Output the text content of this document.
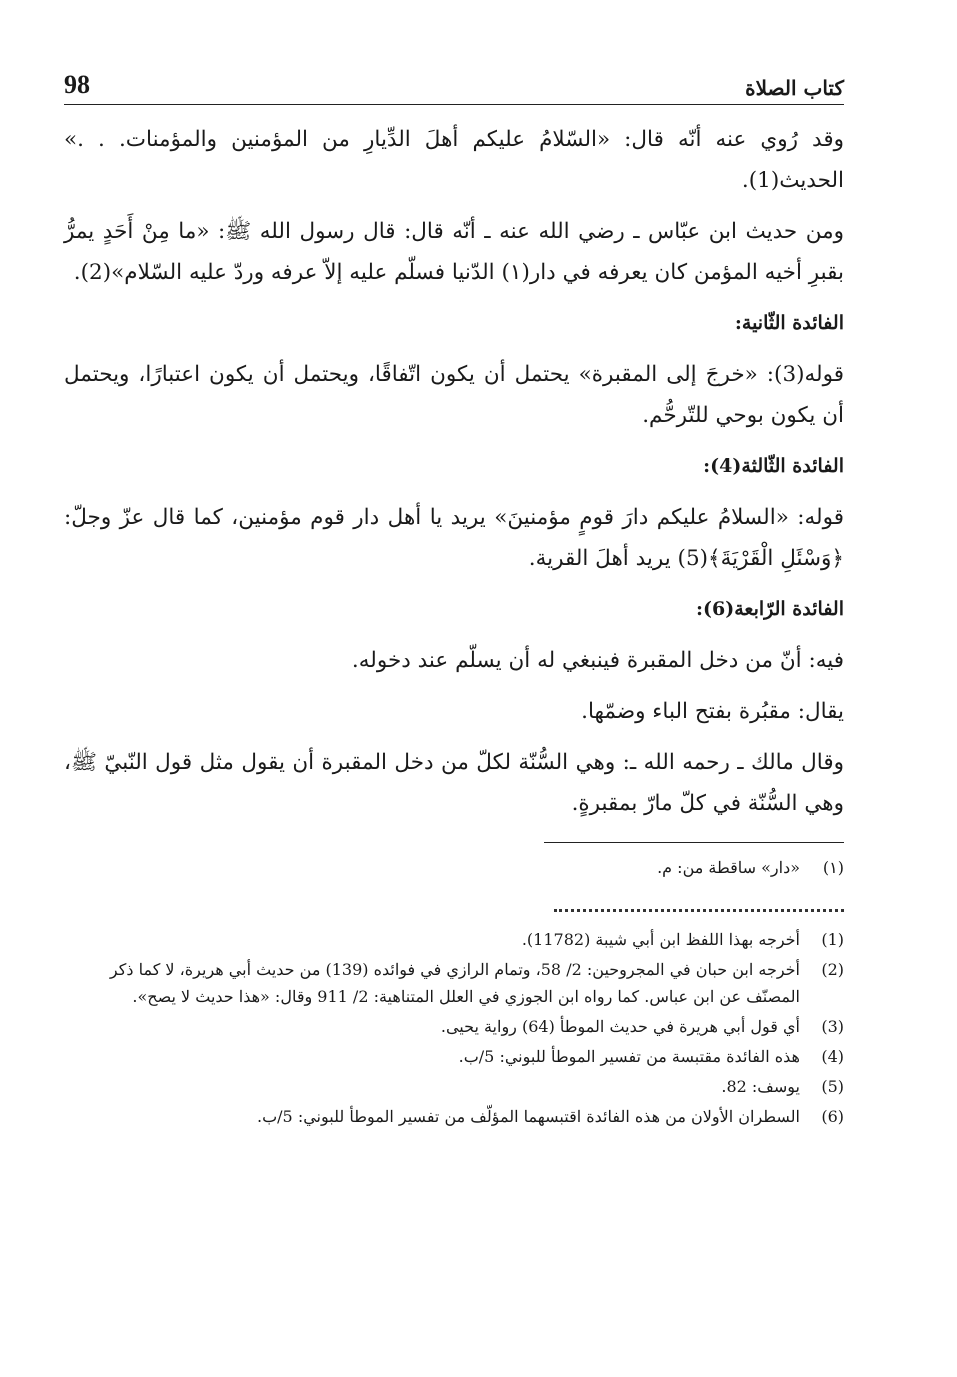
كتاب الصلاة
98

وقد رُوي عنه أنّه قال: «السّلامُ عليكم أهلَ الدِّيارِ من المؤمنين والمؤمنات. . .» الحديث(1).

ومن حديث ابن عبّاس ـ رضي الله عنه ـ أنّه قال: قال رسول الله ﷺ: «ما مِنْ أَحَدٍ يمرُّ بقبرِ أخيه المؤمن كان يعرفه في دار(١) الدّنيا فسلّم عليه إلاّ عرفه وردّ عليه السّلام»(2).

الفائدة الثّانية:

قوله(3): «خرجَ إلى المقبرة» يحتمل أن يكون اتّفاقًا، ويحتمل أن يكون اعتبارًا، ويحتمل أن يكون بوحي للتّرحُّم.

الفائدة الثّالثة(4):

قوله: «السلامُ عليكم دارَ قومٍ مؤمنينَ» يريد يا أهل دار قوم مؤمنين، كما قال عزّ وجلّ: ﴿وَسْئَلِ الْقَرْيَةَ﴾(5) يريد أهلَ القرية.

الفائدة الرّابعة(6):

فيه: أنّ من دخل المقبرة فينبغي له أن يسلّم عند دخوله.

يقال: مقبُرة بفتح الباء وضمّها.

وقال مالك ـ رحمه الله ـ: وهي السُّنّة لكلّ من دخل المقبرة أن يقول مثل قول النّبيّ ﷺ، وهي السُّنّة في كلّ مارّ بمقبرةٍ.

(١)
«دار» ساقطة من: م.
(1)
أخرجه بهذا اللفظ ابن أبي شيبة (11782).
(2)
أخرجه ابن حبان في المجروحين: 2/ 58، وتمام الرازي في فوائده (139) من حديث أبي هريرة، لا كما ذكر المصنّف عن ابن عباس. كما رواه ابن الجوزي في العلل المتناهية: 2/ 911 وقال: «هذا حديث لا يصح».
(3)
أي قول أبي هريرة في حديث الموطأ (64) رواية يحيى.
(4)
هذه الفائدة مقتبسة من تفسير الموطأ للبوني: 5/ب.
(5)
يوسف: 82.
(6)
السطران الأولان من هذه الفائدة اقتبسهما المؤلّف من تفسير الموطأ للبوني: 5/ب.
